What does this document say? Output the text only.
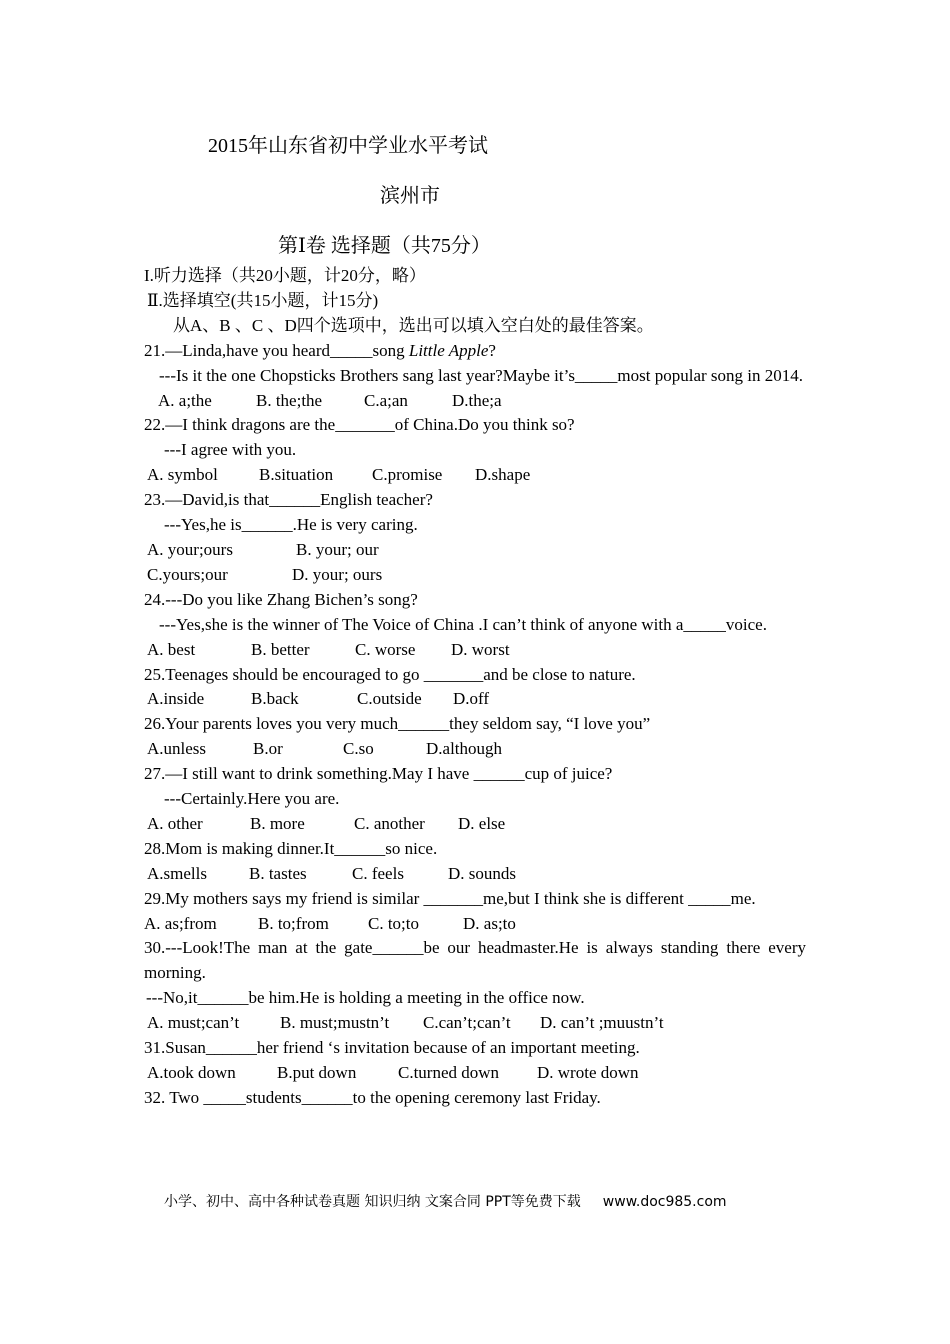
2015年山东省初中学业水平考试
滨州市
第Ⅰ卷 选择题（共75分）
I.听力选择（共20小题，计20分，略）
Ⅱ.选择填空(共15小题，计15分)
从A、B 、C 、D四个选项中，选出可以填入空白处的最佳答案。
21.—Linda,have you heard_____song Little Apple?
---Is it the one Chopsticks Brothers sang last year?Maybe it’s_____most popular song in 2014.
A. a;the	B. the;the C.a;an	D.the;a
22.—I think dragons are the_______of China.Do you think so?
---I agree with you.
A. symbol B.situation C.promise D.shape
23.—David,is that______English teacher?
---Yes,he is______.He is very caring.
A. your;ours	B. your; our
C.yours;our	D. your; ours
24.---Do you like Zhang Bichen’s song?
---Yes,she is the winner of The Voice of China .I can’t think of anyone with a_____voice.
A. best	B. better	C. worse D. worst
25.Teenages should be encouraged to go _______and be close to nature.
A.inside	B.back	C.outside D.off
26.Your parents loves you very much______they seldom say, “I love you”
A.unless	B.or	C.so	D.although
27.—I still want to drink something.May I have ______cup of juice?
---Certainly.Here you are.
A. other	B. more	C. another D. else
28.Mom is making dinner.It______so nice.
A.smells B. tastes	C. feels	D. sounds
29.My mothers says my friend is similar _______me,but I think she is different _____me.
A. as;from B. to;from C. to;to	D. as;to
30.---Look!The man at the gate______be our headmaster.He is always standing there every morning.
---No,it______be him.He is holding a meeting in the office now.
A. must;can’t B. must;mustn’t C.can’t;can’t D. can’t ;muustn’t
31.Susan______her friend ‘s invitation because of an important meeting.
A.took down B.put down C.turned down D. wrote down
32. Two _____students______to the opening ceremony last Friday.
小学、初中、高中各种试卷真题 知识归纳 文案合同 PPT等免费下载 www.doc985.com
